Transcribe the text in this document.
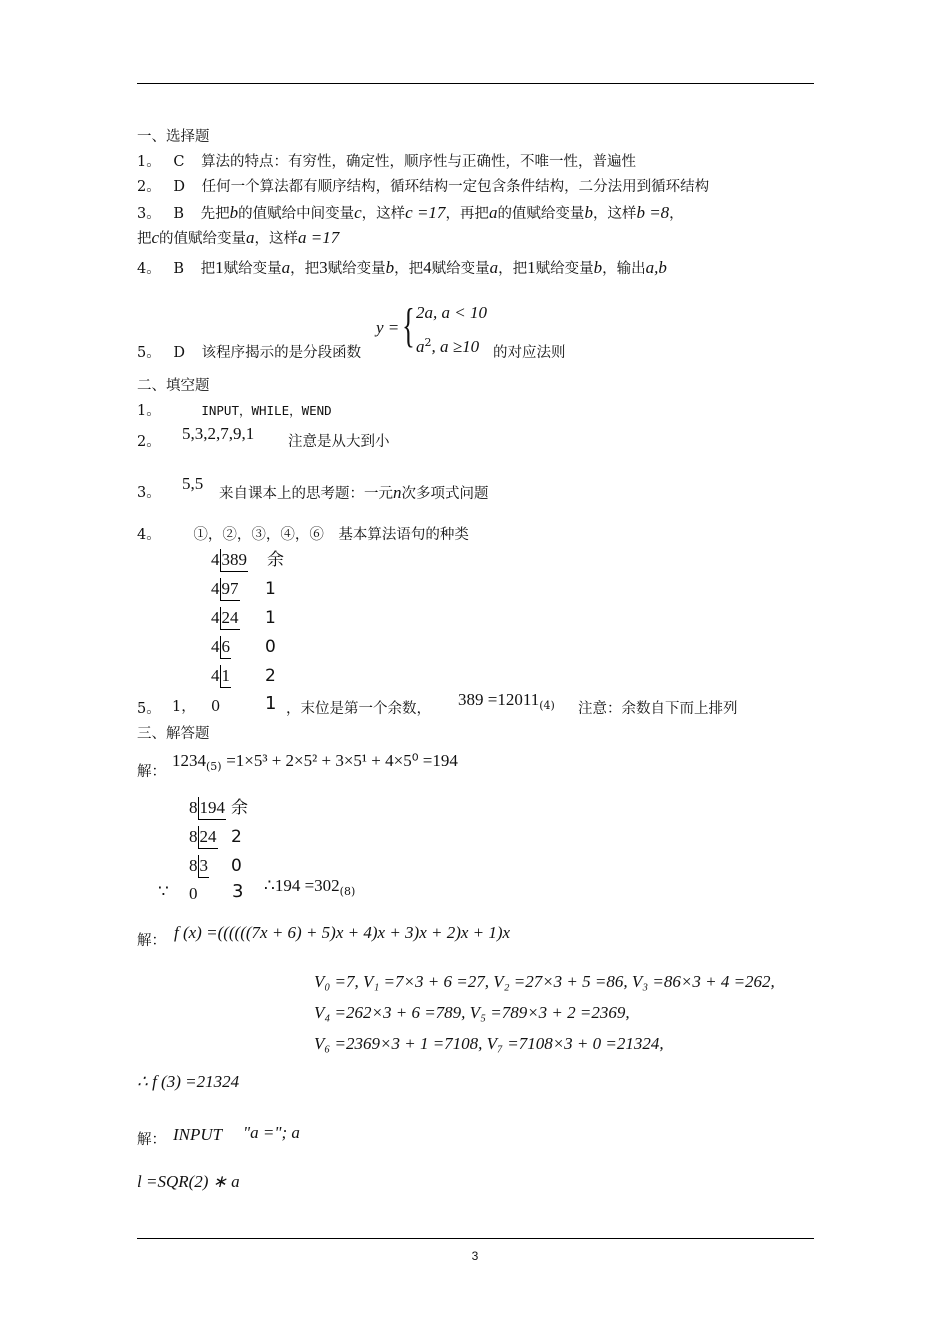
一、选择题
1。 C 算法的特点：有穷性，确定性，顺序性与正确性，不唯一性，普遍性
2。 D 任何一个算法都有顺序结构，循环结构一定包含条件结构，二分法用到循环结构
3。 B 先把b的值赋给中间变量c，这样c =17，再把a的值赋给变量b，这样b =8，
把c的值赋给变量a，这样a =17
4。 B 把1赋给变量a，把3赋给变量b，把4赋给变量a，把1赋给变量b，输出a,b
y = { 2a, a < 10
$a^2$, a ≥10
5。 D 该程序揭示的是分段函数	的对应法则
二、填空题
1。	INPUT，WHILE，WEND
2。 5,3,2,7,9,1 注意是从大到小
3。 5,5
来自课本上的思考题：一元n次多项式问题
4。 ①，②，③，④，⑥　基本算法语句的种类
4 389 余
4 97 1
4 24 1
4 6 0
4 1 2
5。 1， 0 1 ，末位是第一个余数， $389 =12011_{(4)}$ 注意：余数自下而上排列
三、解答题
解：
$1234_{(5)} =1\times 5^3 + 2\times 5^2 + 3\times 5^1 + 4\times 5^0 =194$
8 194 余
8 24 2
8 3 0
∵ 0 3 ∴194 $=302_{(8)}$
解： f (x) =((((((7x + 6) + 5)x + 4)x + 3)x + 2)x + 1)x
V₀ =7, V₁ =7×3 + 6 =27, V₂ =27×3 + 5 =86, V₃ =86×3 + 4 =262,
V₄ =262×3 + 6 =789, V₅ =789×3 + 2 =2369,
V₆ =2369×3 + 1 =7108, V₇ =7108×3 + 0 =21324,
∴ f (3) =21324
解： INPUT "a ="; a
l =SQR(2) ∗ a
3
